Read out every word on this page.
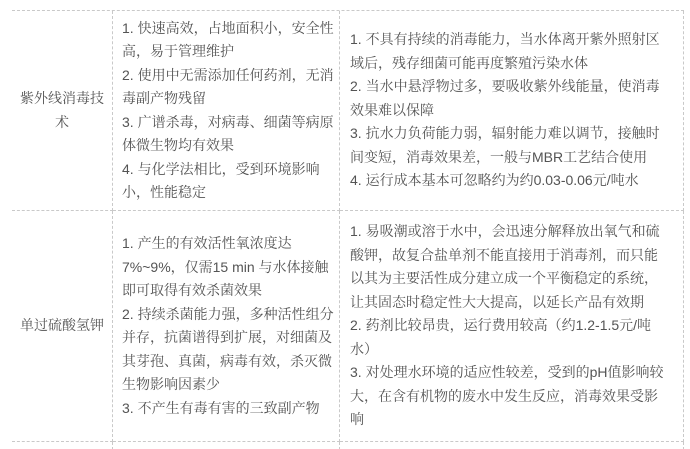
紫外线消毒技术
1. 快速高效，占地面积小，安全性高，易于管理维护
2. 使用中无需添加任何药剂，无消毒副产物残留
3. 广谱杀毒，对病毒、细菌等病原体微生物均有效果
4. 与化学法相比，受到环境影响小，性能稳定
1. 不具有持续的消毒能力，当水体离开紫外照射区域后，残存细菌可能再度繁殖污染水体
2. 当水中悬浮物过多，要吸收紫外线能量，使消毒效果难以保障
3. 抗水力负荷能力弱，辐射能力难以调节，接触时间变短，消毒效果差，一般与MBR工艺结合使用
4. 运行成本基本可忽略约为约0.03-0.06元/吨水
单过硫酸氢钾
1. 产生的有效活性氧浓度达7%~9%，仅需15 min 与水体接触即可取得有效杀菌效果
2. 持续杀菌能力强，多种活性组分并存，抗菌谱得到扩展，对细菌及其芽孢、真菌，病毒有效，杀灭微生物影响因素少
3. 不产生有毒有害的三致副产物
1. 易吸潮或溶于水中，会迅速分解释放出氧气和硫酸钾，故复合盐单剂不能直接用于消毒剂，而只能以其为主要活性成分建立成一个平衡稳定的系统，让其固态时稳定性大大提高，以延长产品有效期
2. 药剂比较昂贵，运行费用较高（约1.2-1.5元/吨水）
3. 对处理水环境的适应性较差，受到的pH值影响较大，在含有机物的废水中发生反应，消毒效果受影响
